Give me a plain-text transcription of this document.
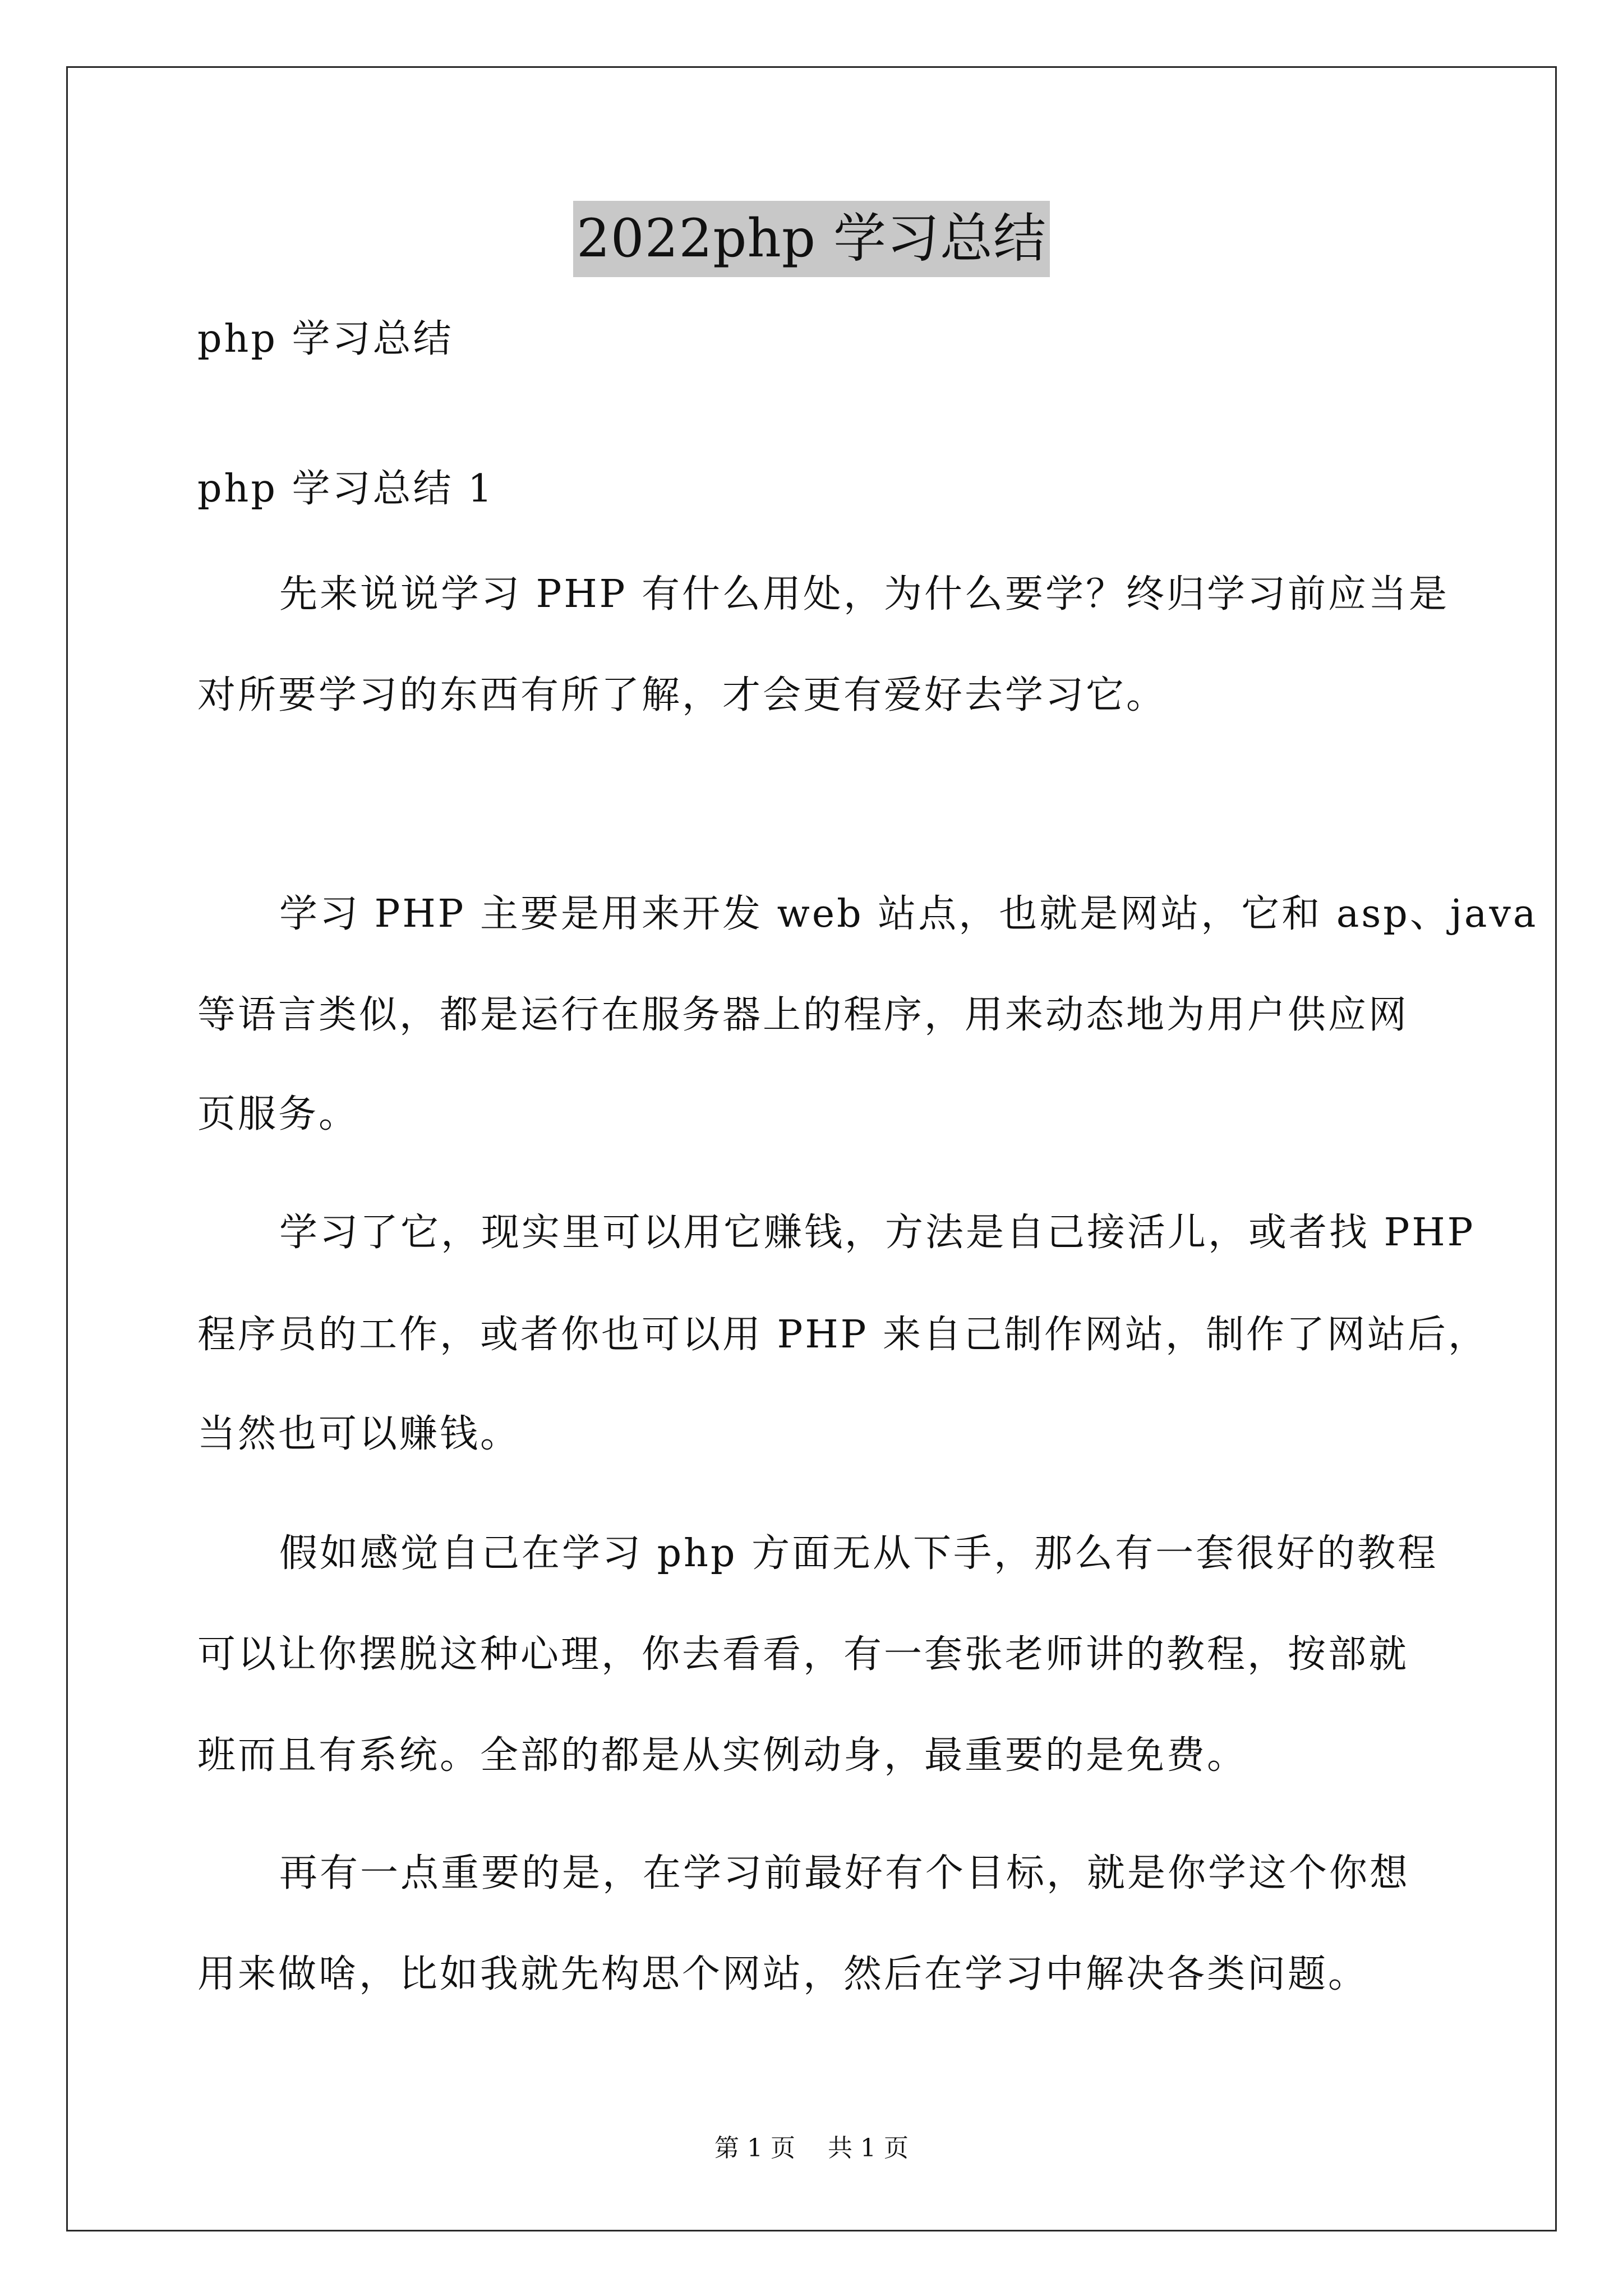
2022php 学习总结
php 学习总结
php 学习总结 1
先来说说学习 PHP 有什么用处，为什么要学？终归学习前应当是
对所要学习的东西有所了解，才会更有爱好去学习它。
学习 PHP 主要是用来开发 web 站点，也就是网站，它和 asp、java
等语言类似，都是运行在服务器上的程序，用来动态地为用户供应网
页服务。
学习了它，现实里可以用它赚钱，方法是自己接活儿，或者找 PHP
程序员的工作，或者你也可以用 PHP 来自己制作网站，制作了网站后，
当然也可以赚钱。
假如感觉自己在学习 php 方面无从下手，那么有一套很好的教程
可以让你摆脱这种心理，你去看看，有一套张老师讲的教程，按部就
班而且有系统。全部的都是从实例动身，最重要的是免费。
再有一点重要的是，在学习前最好有个目标，就是你学这个你想
用来做啥，比如我就先构思个网站，然后在学习中解决各类问题。
第 1 页 共 1 页
